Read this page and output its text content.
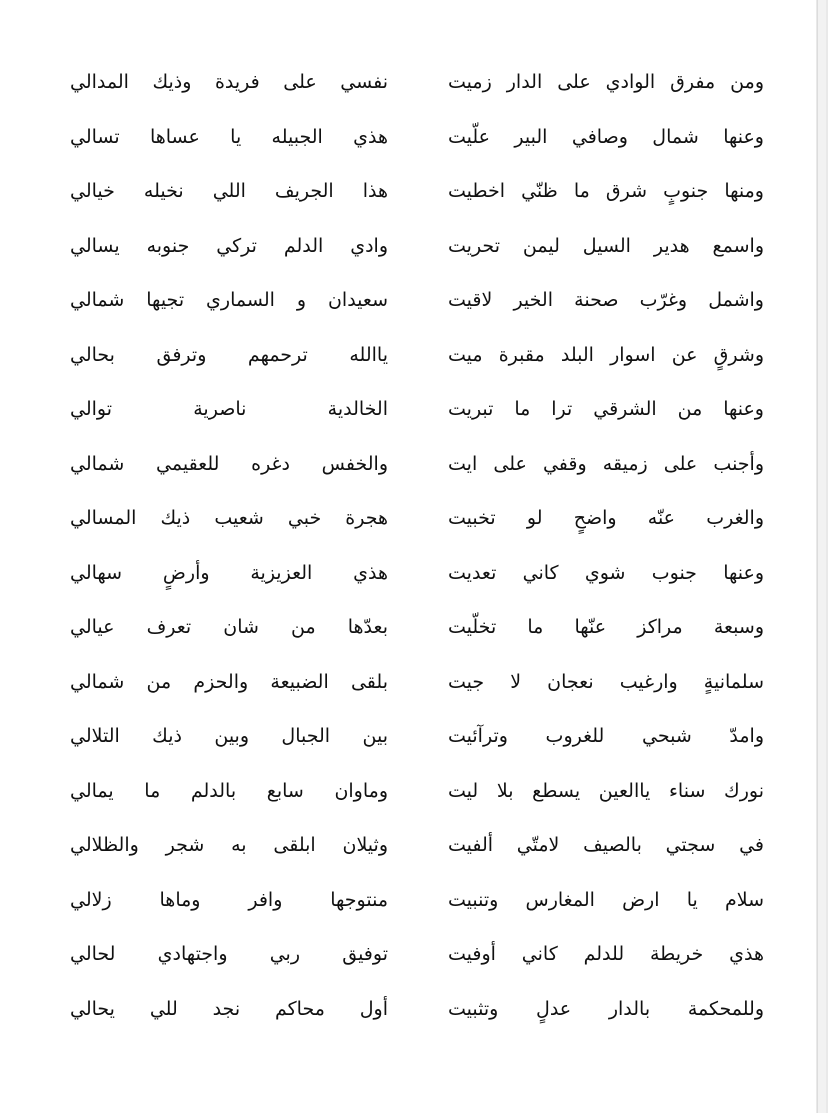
ومن مفرق الوادي على الدار زميت
نفسي على فريدة وذيك المدالي
وعنها شمال وصافي البير علّيت
هذي الجبيله يا عساها تسالي
ومنها جنوبٍ شرق ما ظنّي اخطيت
هذا الجريف اللي نخيله خيالي
واسمع هدير السيل ليمن تحريت
وادي الدلم تركي جنوبه يسالي
واشمل وغرّب صحنة الخير لاقيت
سعيدان و السماري تجيها شمالي
وشرقٍ عن اسوار البلد مقبرة ميت
ياالله ترحمهم وترفق بحالي
وعنها من الشرقي ترا ما تبريت
الخالدية ناصرية توالي
وأجنب على زميقه وقفي على ايت
والخفس دغره للعقيمي شمالي
والغرب عنّه واضحٍ لو تخبيت
هجرة خبي شعيب ذيك المسالي
وعنها جنوب شوي كاني تعديت
هذي العزيزية وأرضٍ سهالي
وسبعة مراكز عنّها ما تخلّيت
بعدّها من شان تعرف عيالي
سلمانيةٍ وارغيب نعجان لا جيت
بلقى الضبيعة والحزم من شمالي
وامدّ شبحي للغروب وترآئيت
بين الجبال وبين ذيك التلالي
نورك سناء ياالعين يسطع بلا ليت
وماوان سابع بالدلم ما يمالي
في سجتي بالصيف لامتّي ألفيت
وثيلان ابلقى به شجر والظلالي
سلام يا ارض المغارس وتنبيت
منتوجها وافر وماها زلالي
هذي خريطة للدلم كاني أوفيت
توفيق ربي واجتهادي لحالي
وللمحكمة بالدار عدلٍ وتثبيت
أول محاكم نجد للي يحالي
